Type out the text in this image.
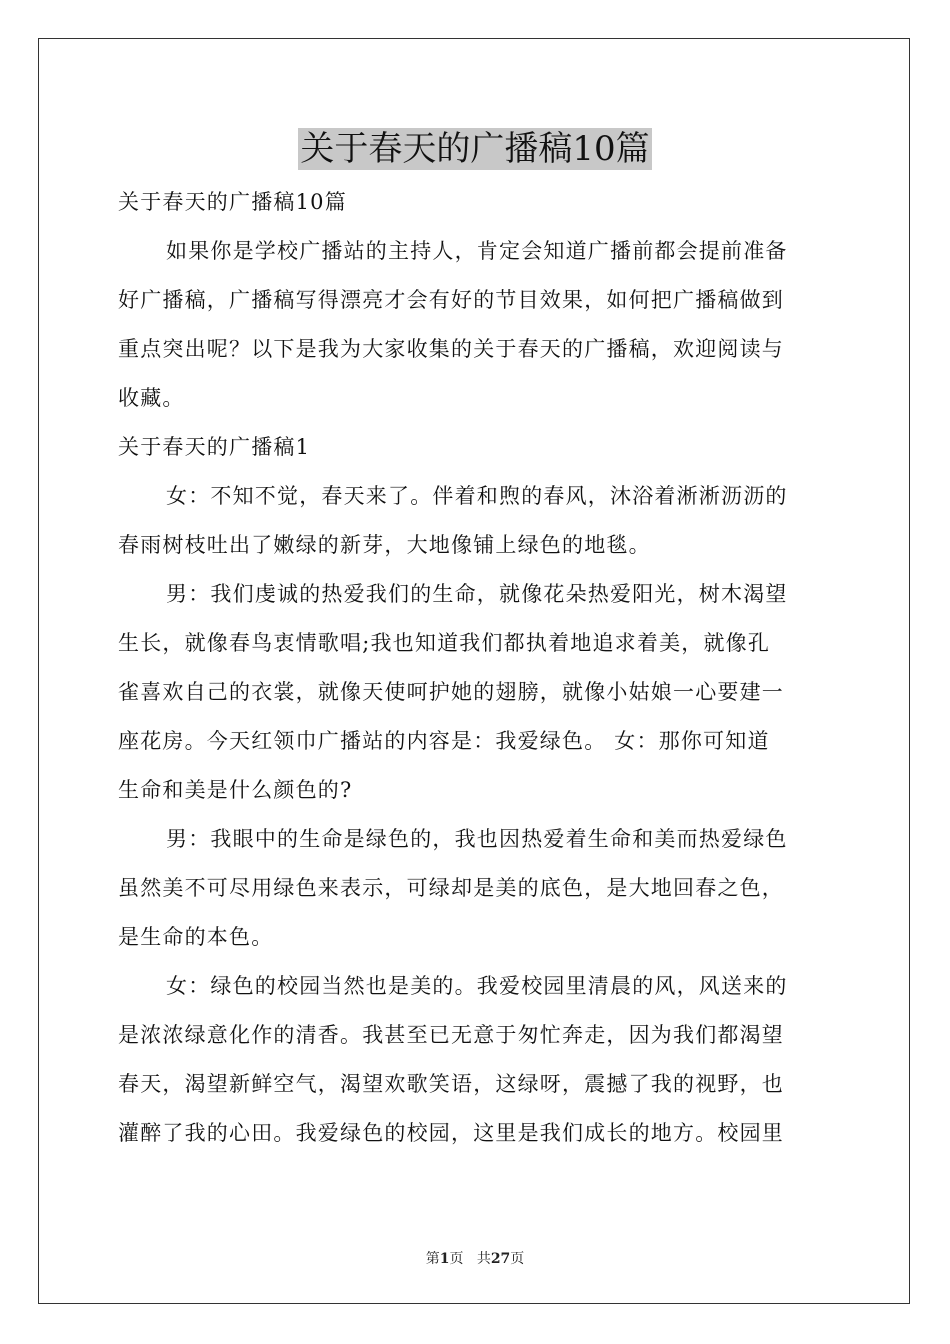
关于春天的广播稿10篇
关于春天的广播稿10篇
如果你是学校广播站的主持人，肯定会知道广播前都会提前准备
好广播稿，广播稿写得漂亮才会有好的节目效果，如何把广播稿做到
重点突出呢？以下是我为大家收集的关于春天的广播稿，欢迎阅读与
收藏。
关于春天的广播稿1
女：不知不觉，春天来了。伴着和煦的春风，沐浴着淅淅沥沥的
春雨树枝吐出了嫩绿的新芽，大地像铺上绿色的地毯。
男：我们虔诚的热爱我们的生命，就像花朵热爱阳光，树木渴望
生长，就像春鸟衷情歌唱;我也知道我们都执着地追求着美，就像孔
雀喜欢自己的衣裳，就像天使呵护她的翅膀，就像小姑娘一心要建一
座花房。今天红领巾广播站的内容是：我爱绿色。 女：那你可知道
生命和美是什么颜色的?
男：我眼中的生命是绿色的，我也因热爱着生命和美而热爱绿色
虽然美不可尽用绿色来表示，可绿却是美的底色，是大地回春之色，
是生命的本色。
女：绿色的校园当然也是美的。我爱校园里清晨的风，风送来的
是浓浓绿意化作的清香。我甚至已无意于匆忙奔走，因为我们都渴望
春天，渴望新鲜空气，渴望欢歌笑语，这绿呀，震撼了我的视野，也
灌醉了我的心田。我爱绿色的校园，这里是我们成长的地方。校园里
第1页 共27页
